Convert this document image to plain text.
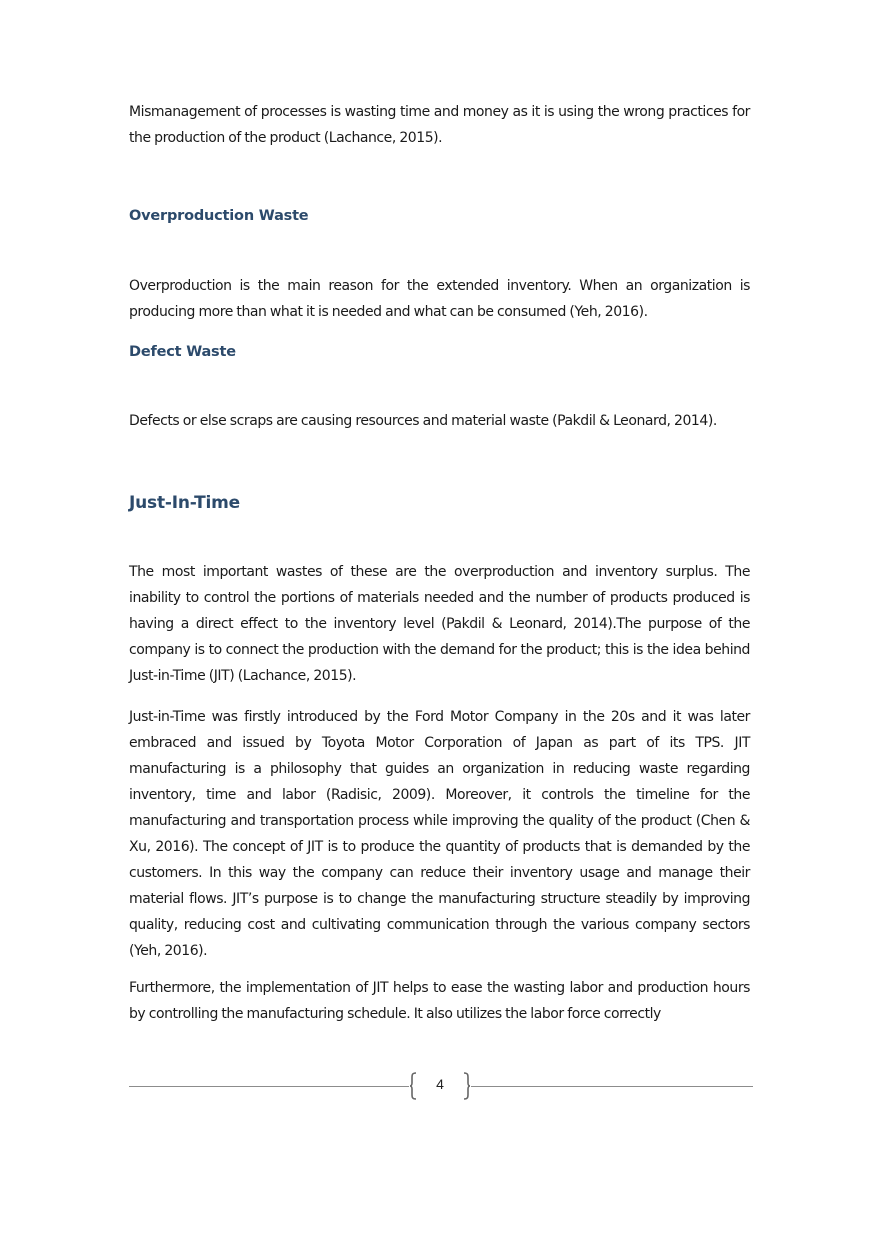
Mismanagement of processes is wasting time and money as it is using the wrong practices for the production of the product (Lachance, 2015).

Overproduction Waste

Overproduction is the main reason for the extended inventory. When an organization is producing more than what it is needed and what can be consumed (Yeh, 2016).

Defect Waste

Defects or else scraps are causing resources and material waste (Pakdil & Leonard, 2014).

Just-In-Time

The most important wastes of these are the overproduction and inventory surplus. The inability to control the portions of materials needed and the number of products produced is having a direct effect to the inventory level (Pakdil & Leonard, 2014).The purpose of the company is to connect the production with the demand for the product; this is the idea behind Just-in-Time (JIT) (Lachance, 2015).

Just-in-Time was firstly introduced by the Ford Motor Company in the 20s and it was later embraced and issued by Toyota Motor Corporation of Japan as part of its TPS. JIT manufacturing is a philosophy that guides an organization in reducing waste regarding inventory, time and labor (Radisic, 2009). Moreover, it controls the timeline for the manufacturing and transportation process while improving the quality of the product (Chen & Xu, 2016). The concept of JIT is to produce the quantity of products that is demanded by the customers. In this way the company can reduce their inventory usage and manage their material flows. JIT’s purpose is to change the manufacturing structure steadily by improving quality, reducing cost and cultivating communication through the various company sectors (Yeh, 2016).

Furthermore, the implementation of JIT helps to ease the wasting labor and production hours by controlling the manufacturing schedule. It also utilizes the labor force correctly

4
